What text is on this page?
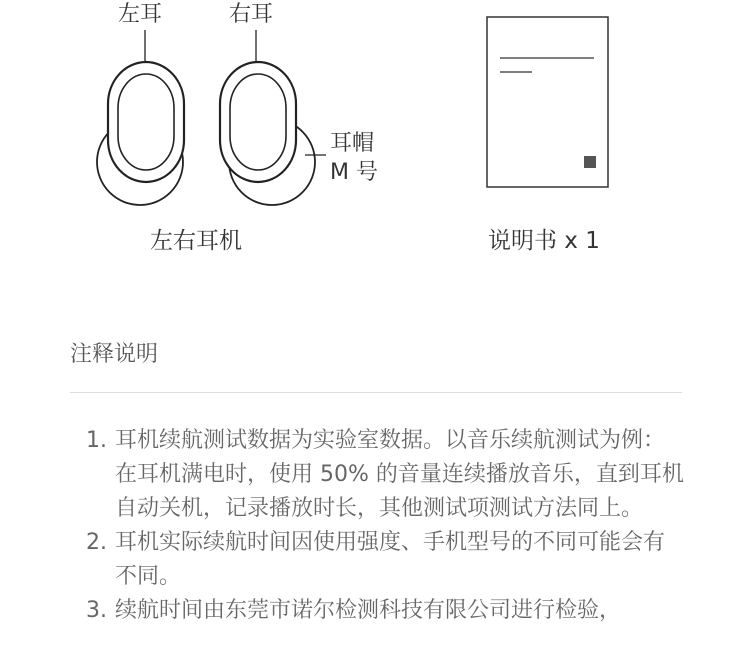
左耳	右耳
耳帽
M 号
左右耳机	说明书 x 1
注释说明
1. 耳机续航测试数据为实验室数据。以音乐续航测试为例：在耳机满电时，使用 50% 的音量连续播放音乐，直到耳机自动关机，记录播放时长，其他测试项测试方法同上。
2. 耳机实际续航时间因使用强度、手机型号的不同可能会有不同。
3. 续航时间由东莞市诺尔检测科技有限公司进行检验，
